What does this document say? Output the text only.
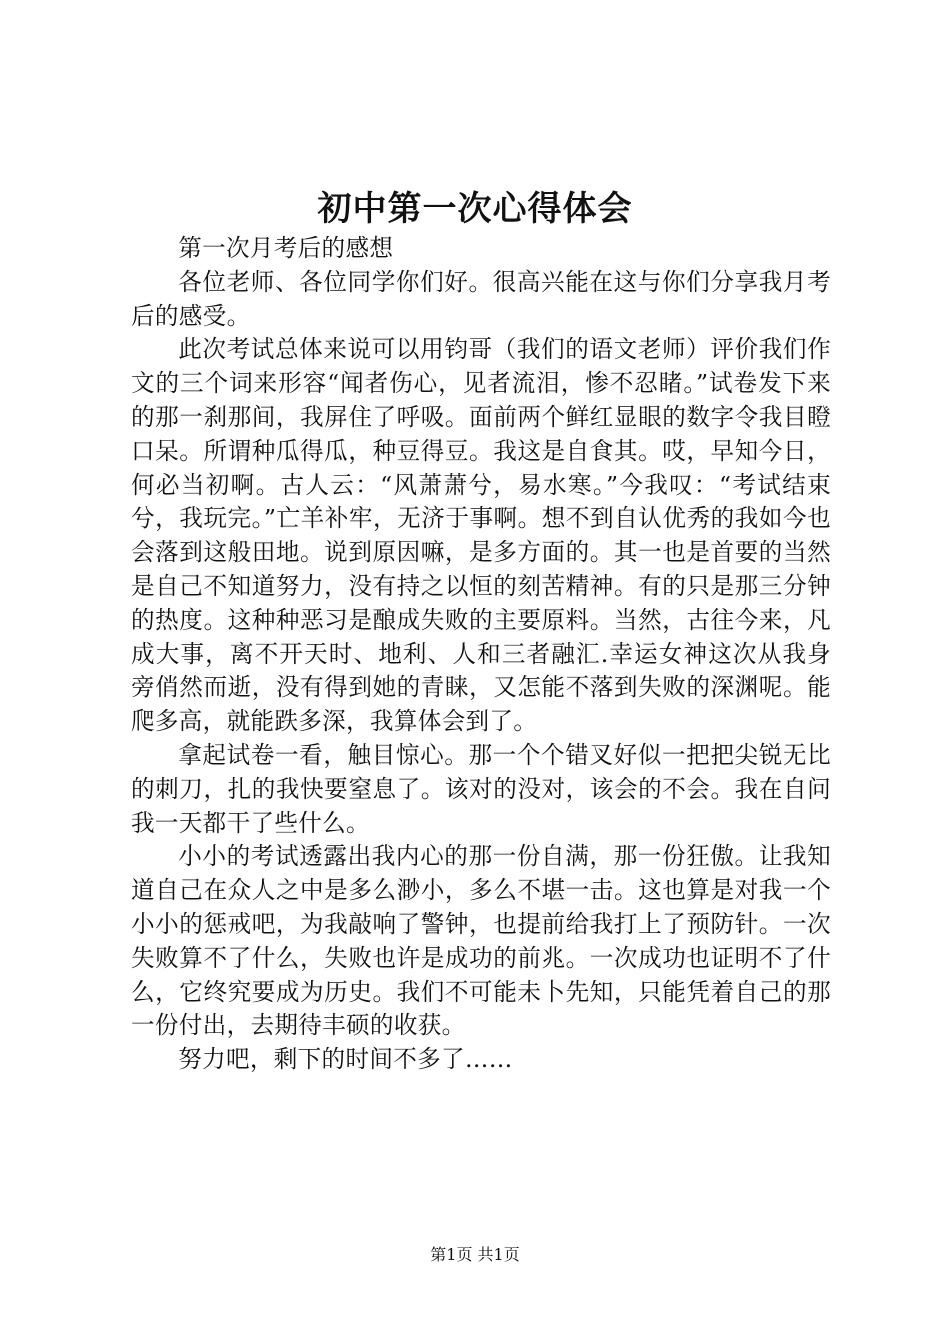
初中第一次心得体会

第一次月考后的感想

各位老师、各位同学你们好。很高兴能在这与你们分享我月考后的感受。

此次考试总体来说可以用钧哥（我们的语文老师）评价我们作文的三个词来形容“闻者伤心，见者流泪，惨不忍睹。”试卷发下来的那一刹那间，我屏住了呼吸。面前两个鲜红显眼的数字令我目瞪口呆。所谓种瓜得瓜，种豆得豆。我这是自食其。哎，早知今日，何必当初啊。古人云：“风萧萧兮，易水寒。”今我叹：“考试结束兮，我玩完。”亡羊补牢，无济于事啊。想不到自认优秀的我如今也会落到这般田地。说到原因嘛，是多方面的。其一也是首要的当然是自己不知道努力，没有持之以恒的刻苦精神。有的只是那三分钟的热度。这种种恶习是酿成失败的主要原料。当然，古往今来，凡成大事，离不开天时、地利、人和三者融汇.幸运女神这次从我身旁俏然而逝，没有得到她的青睐，又怎能不落到失败的深渊呢。能爬多高，就能跌多深，我算体会到了。

拿起试卷一看，触目惊心。那一个个错叉好似一把把尖锐无比的刺刀，扎的我快要窒息了。该对的没对，该会的不会。我在自问我一天都干了些什么。

小小的考试透露出我内心的那一份自满，那一份狂傲。让我知道自己在众人之中是多么渺小，多么不堪一击。这也算是对我一个小小的惩戒吧，为我敲响了警钟，也提前给我打上了预防针。一次失败算不了什么，失败也许是成功的前兆。一次成功也证明不了什么，它终究要成为历史。我们不可能未卜先知，只能凭着自己的那一份付出，去期待丰硕的收获。

努力吧，剩下的时间不多了……

第1页 共1页
